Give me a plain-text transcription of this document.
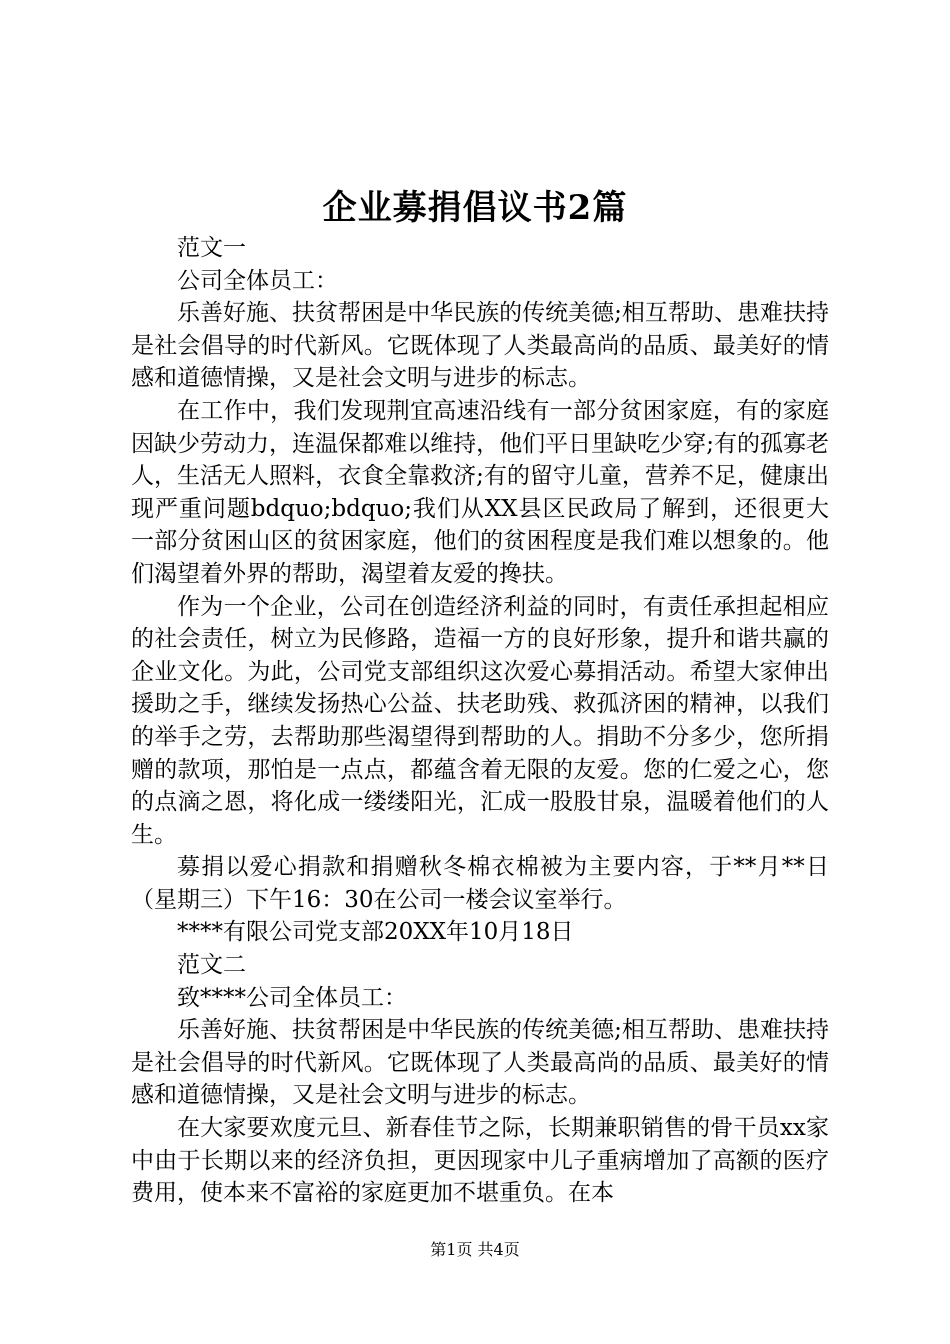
企业募捐倡议书2篇

范文一

公司全体员工：

乐善好施、扶贫帮困是中华民族的传统美德;相互帮助、患难扶持是社会倡导的时代新风。它既体现了人类最高尚的品质、最美好的情感和道德情操，又是社会文明与进步的标志。

在工作中，我们发现荆宜高速沿线有一部分贫困家庭，有的家庭因缺少劳动力，连温保都难以维持，他们平日里缺吃少穿;有的孤寡老人，生活无人照料，衣食全靠救济;有的留守儿童，营养不足，健康出现严重问题bdquo;bdquo;我们从XX县区民政局了解到，还很更大一部分贫困山区的贫困家庭，他们的贫困程度是我们难以想象的。他们渴望着外界的帮助，渴望着友爱的搀扶。

作为一个企业，公司在创造经济利益的同时，有责任承担起相应的社会责任，树立为民修路，造福一方的良好形象，提升和谐共赢的企业文化。为此，公司党支部组织这次爱心募捐活动。希望大家伸出援助之手，继续发扬热心公益、扶老助残、救孤济困的精神，以我们的举手之劳，去帮助那些渴望得到帮助的人。捐助不分多少，您所捐赠的款项，那怕是一点点，都蕴含着无限的友爱。您的仁爱之心，您的点滴之恩，将化成一缕缕阳光，汇成一股股甘泉，温暖着他们的人生。

募捐以爱心捐款和捐赠秋冬棉衣棉被为主要内容，于**月**日（星期三）下午16：30在公司一楼会议室举行。

****有限公司党支部20XX年10月18日

范文二

致****公司全体员工：

乐善好施、扶贫帮困是中华民族的传统美德;相互帮助、患难扶持是社会倡导的时代新风。它既体现了人类最高尚的品质、最美好的情感和道德情操，又是社会文明与进步的标志。

在大家要欢度元旦、新春佳节之际，长期兼职销售的骨干员xx家中由于长期以来的经济负担，更因现家中儿子重病增加了高额的医疗费用，使本来不富裕的家庭更加不堪重负。在本

第1页 共4页
